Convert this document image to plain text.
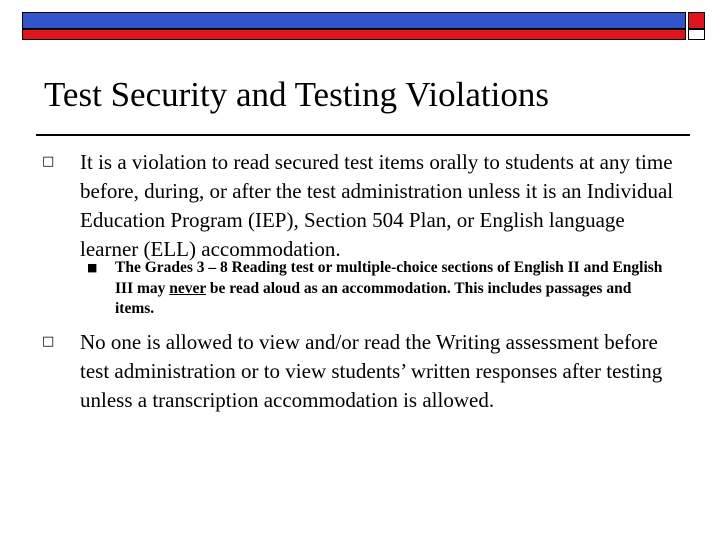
Test Security and Testing Violations
□ It is a violation to read secured test items orally to students at any time before, during, or after the test administration unless it is an Individual Education Program (IEP), Section 504 Plan, or English language learner (ELL) accommodation.

■ The Grades 3 – 8 Reading test or multiple-choice sections of English II and English III may never be read aloud as an accommodation. This includes passages and items.

□ No one is allowed to view and/or read the Writing assessment before test administration or to view students’ written responses after testing unless a transcription accommodation is allowed.
